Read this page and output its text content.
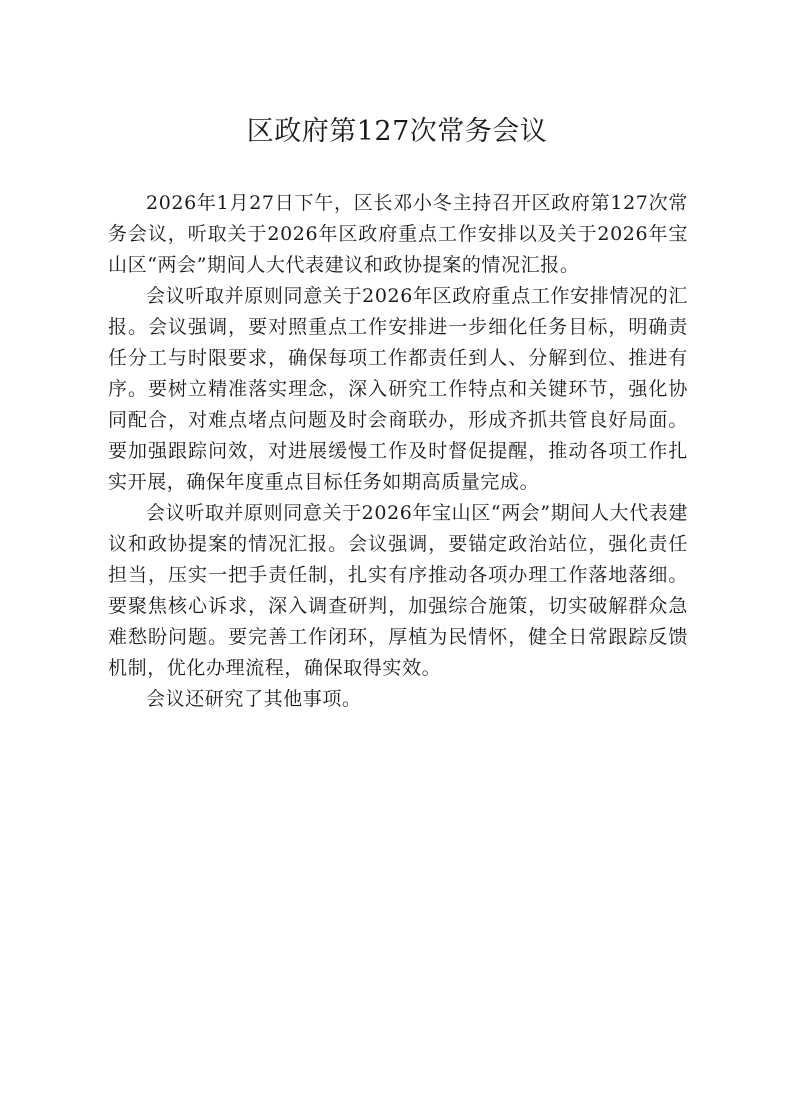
区政府第127次常务会议

2026年1月27日下午，区长邓小冬主持召开区政府第127次常务会议，听取关于2026年区政府重点工作安排以及关于2026年宝山区“两会”期间人大代表建议和政协提案的情况汇报。

会议听取并原则同意关于2026年区政府重点工作安排情况的汇报。会议强调，要对照重点工作安排进一步细化任务目标，明确责任分工与时限要求，确保每项工作都责任到人、分解到位、推进有序。要树立精准落实理念，深入研究工作特点和关键环节，强化协同配合，对难点堵点问题及时会商联办，形成齐抓共管良好局面。要加强跟踪问效，对进展缓慢工作及时督促提醒，推动各项工作扎实开展，确保年度重点目标任务如期高质量完成。

会议听取并原则同意关于2026年宝山区“两会”期间人大代表建议和政协提案的情况汇报。会议强调，要锚定政治站位，强化责任担当，压实一把手责任制，扎实有序推动各项办理工作落地落细。要聚焦核心诉求，深入调查研判，加强综合施策，切实破解群众急难愁盼问题。要完善工作闭环，厚植为民情怀，健全日常跟踪反馈机制，优化办理流程，确保取得实效。

会议还研究了其他事项。
